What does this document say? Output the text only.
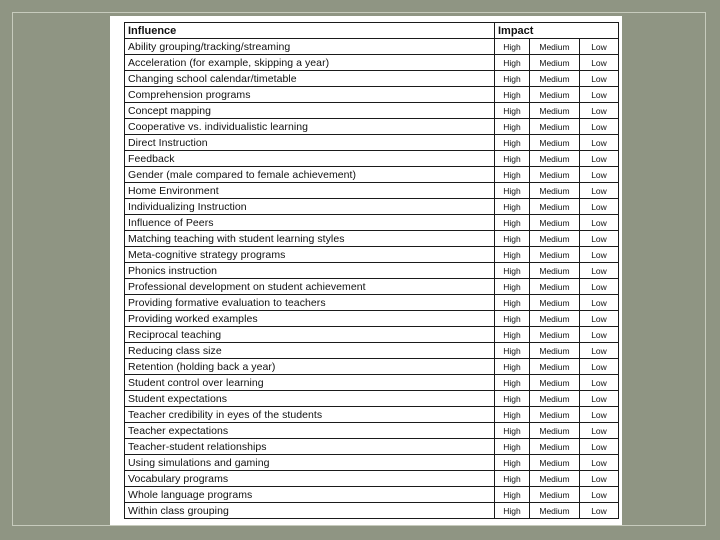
Influence	Impact		
Ability grouping/tracking/streaming	High	Medium	Low
Acceleration (for example, skipping a year)	High	Medium	Low
Changing school calendar/timetable	High	Medium	Low
Comprehension programs	High	Medium	Low
Concept mapping	High	Medium	Low
Cooperative vs. individualistic learning	High	Medium	Low
Direct Instruction	High	Medium	Low
Feedback	High	Medium	Low
Gender (male compared to female achievement)	High	Medium	Low
Home Environment	High	Medium	Low
Individualizing Instruction	High	Medium	Low
Influence of Peers	High	Medium	Low
Matching teaching with student learning styles	High	Medium	Low
Meta-cognitive strategy programs	High	Medium	Low
Phonics instruction	High	Medium	Low
Professional development on student achievement	High	Medium	Low
Providing formative evaluation to teachers	High	Medium	Low
Providing worked examples	High	Medium	Low
Reciprocal teaching	High	Medium	Low
Reducing class size	High	Medium	Low
Retention (holding back a year)	High	Medium	Low
Student control over learning	High	Medium	Low
Student expectations	High	Medium	Low
Teacher credibility in eyes of the students	High	Medium	Low
Teacher expectations	High	Medium	Low
Teacher-student relationships	High	Medium	Low
Using simulations and gaming	High	Medium	Low
Vocabulary programs	High	Medium	Low
Whole language programs	High	Medium	Low
Within class grouping	High	Medium	Low
